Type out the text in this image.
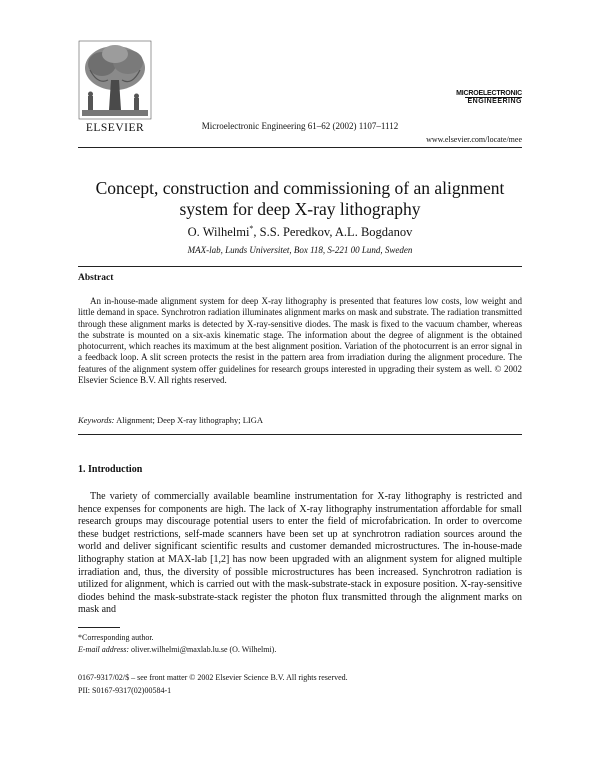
ELSEVIER	Microelectronic Engineering 61–62 (2002) 1107–1112
MICROELECTRONIC
ENGINEERING
www.elsevier.com/locate/mee
Concept, construction and commissioning of an alignment system for deep X-ray lithography
O. Wilhelmi*, S.S. Peredkov, A.L. Bogdanov
MAX-lab, Lunds Universitet, Box 118, S-221 00 Lund, Sweden
Abstract
An in-house-made alignment system for deep X-ray lithography is presented that features low costs, low weight and little demand in space. Synchrotron radiation illuminates alignment marks on mask and substrate. The radiation transmitted through these alignment marks is detected by X-ray-sensitive diodes. The mask is fixed to the vacuum chamber, whereas the substrate is mounted on a six-axis kinematic stage. The information about the degree of alignment is the obtained photocurrent, which reaches its maximum at the best alignment position. Variation of the photocurrent is an error signal in a feedback loop. A slit screen protects the resist in the pattern area from irradiation during the alignment procedure. The features of the alignment system offer guidelines for research groups interested in upgrading their system as well. © 2002 Elsevier Science B.V. All rights reserved.
Keywords: Alignment; Deep X-ray lithography; LIGA
1. Introduction
The variety of commercially available beamline instrumentation for X-ray lithography is restricted and hence expenses for components are high. The lack of X-ray lithography instrumentation affordable for small research groups may discourage potential users to enter the field of microfabrication. In order to overcome these budget restrictions, self-made scanners have been set up at synchrotron radiation sources around the world and deliver significant scientific results and customer demanded microstructures. The in-house-made lithography station at MAX-lab [1,2] has now been upgraded with an alignment system for aligned multiple irradiation and, thus, the diversity of possible microstructures has been increased. Synchrotron radiation is utilized for alignment, which is carried out with the mask-substrate-stack in exposure position. X-ray-sensitive diodes behind the mask-substrate-stack register the photon flux transmitted through the alignment marks on mask and
*Corresponding author.
E-mail address: oliver.wilhelmi@maxlab.lu.se (O. Wilhelmi).
0167-9317/02/$ – see front matter © 2002 Elsevier Science B.V. All rights reserved.
PII: S0167-9317(02)00584-1
